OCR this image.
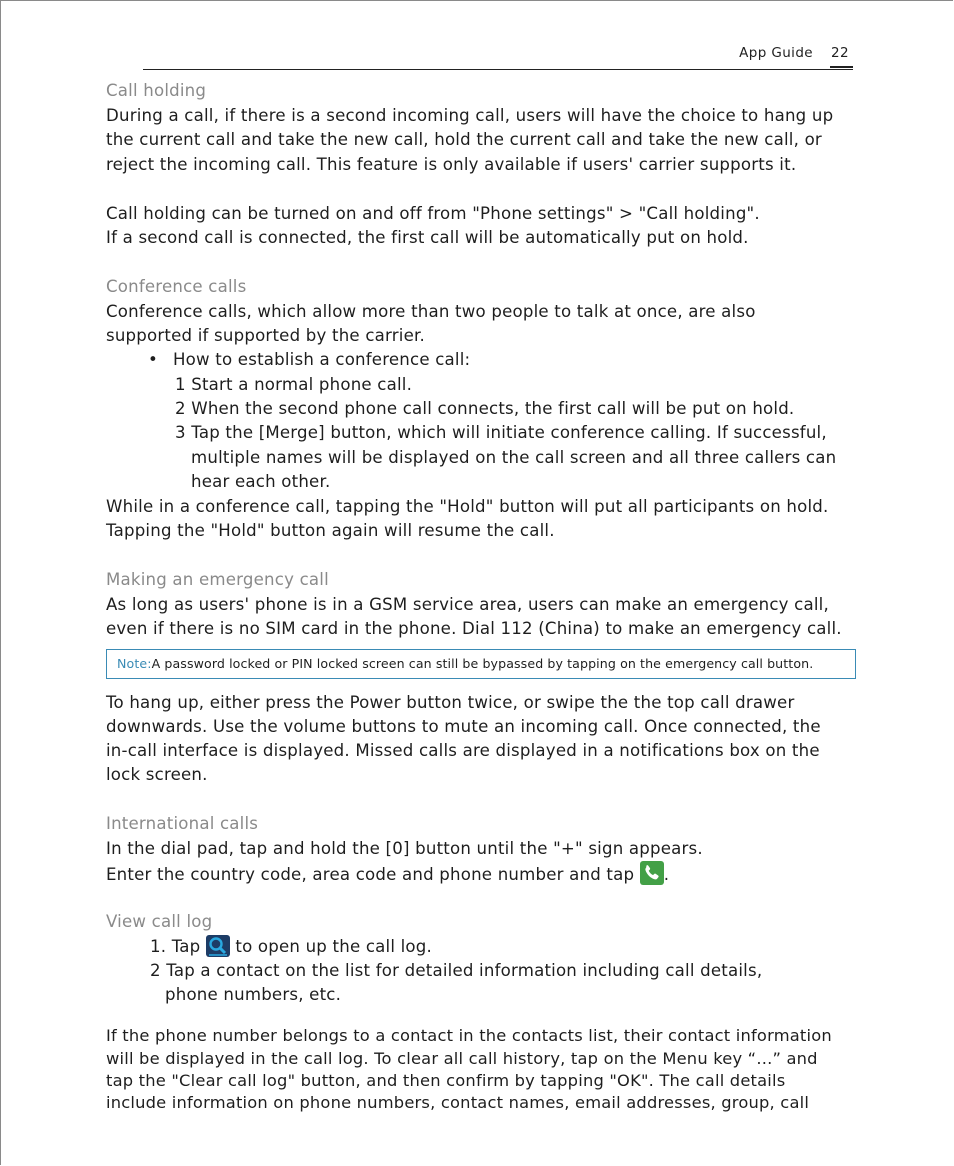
App Guide 22
Call holding
During a call, if there is a second incoming call, users will have the choice to hang up
the current call and take the new call, hold the current call and take the new call, or
reject the incoming call. This feature is only available if users' carrier supports it.
Call holding can be turned on and off from "Phone settings" > "Call holding".
If a second call is connected, the first call will be automatically put on hold.
Conference calls
Conference calls, which allow more than two people to talk at once, are also
supported if supported by the carrier.
• How to establish a conference call:
1 Start a normal phone call.
2 When the second phone call connects, the first call will be put on hold.
3 Tap the [Merge] button, which will initiate conference calling. If successful,
multiple names will be displayed on the call screen and all three callers can
hear each other.
While in a conference call, tapping the "Hold" button will put all participants on hold.
Tapping the "Hold" button again will resume the call.
Making an emergency call
As long as users' phone is in a GSM service area, users can make an emergency call,
even if there is no SIM card in the phone. Dial 112 (China) to make an emergency call.
Note:A password locked or PIN locked screen can still be bypassed by tapping on the emergency call button.
To hang up, either press the Power button twice, or swipe the the top call drawer
downwards. Use the volume buttons to mute an incoming call. Once connected, the
in-call interface is displayed. Missed calls are displayed in a notifications box on the
lock screen.
International calls
In the dial pad, tap and hold the [0] button until the "+" sign appears.
Enter the country code, area code and phone number and tap .
View call log
1. Tap to open up the call log.
2 Tap a contact on the list for detailed information including call details,
phone numbers, etc.
If the phone number belongs to a contact in the contacts list, their contact information
will be displayed in the call log. To clear all call history, tap on the Menu key “...” and
tap the "Clear call log" button, and then confirm by tapping "OK". The call details
include information on phone numbers, contact names, email addresses, group, call
